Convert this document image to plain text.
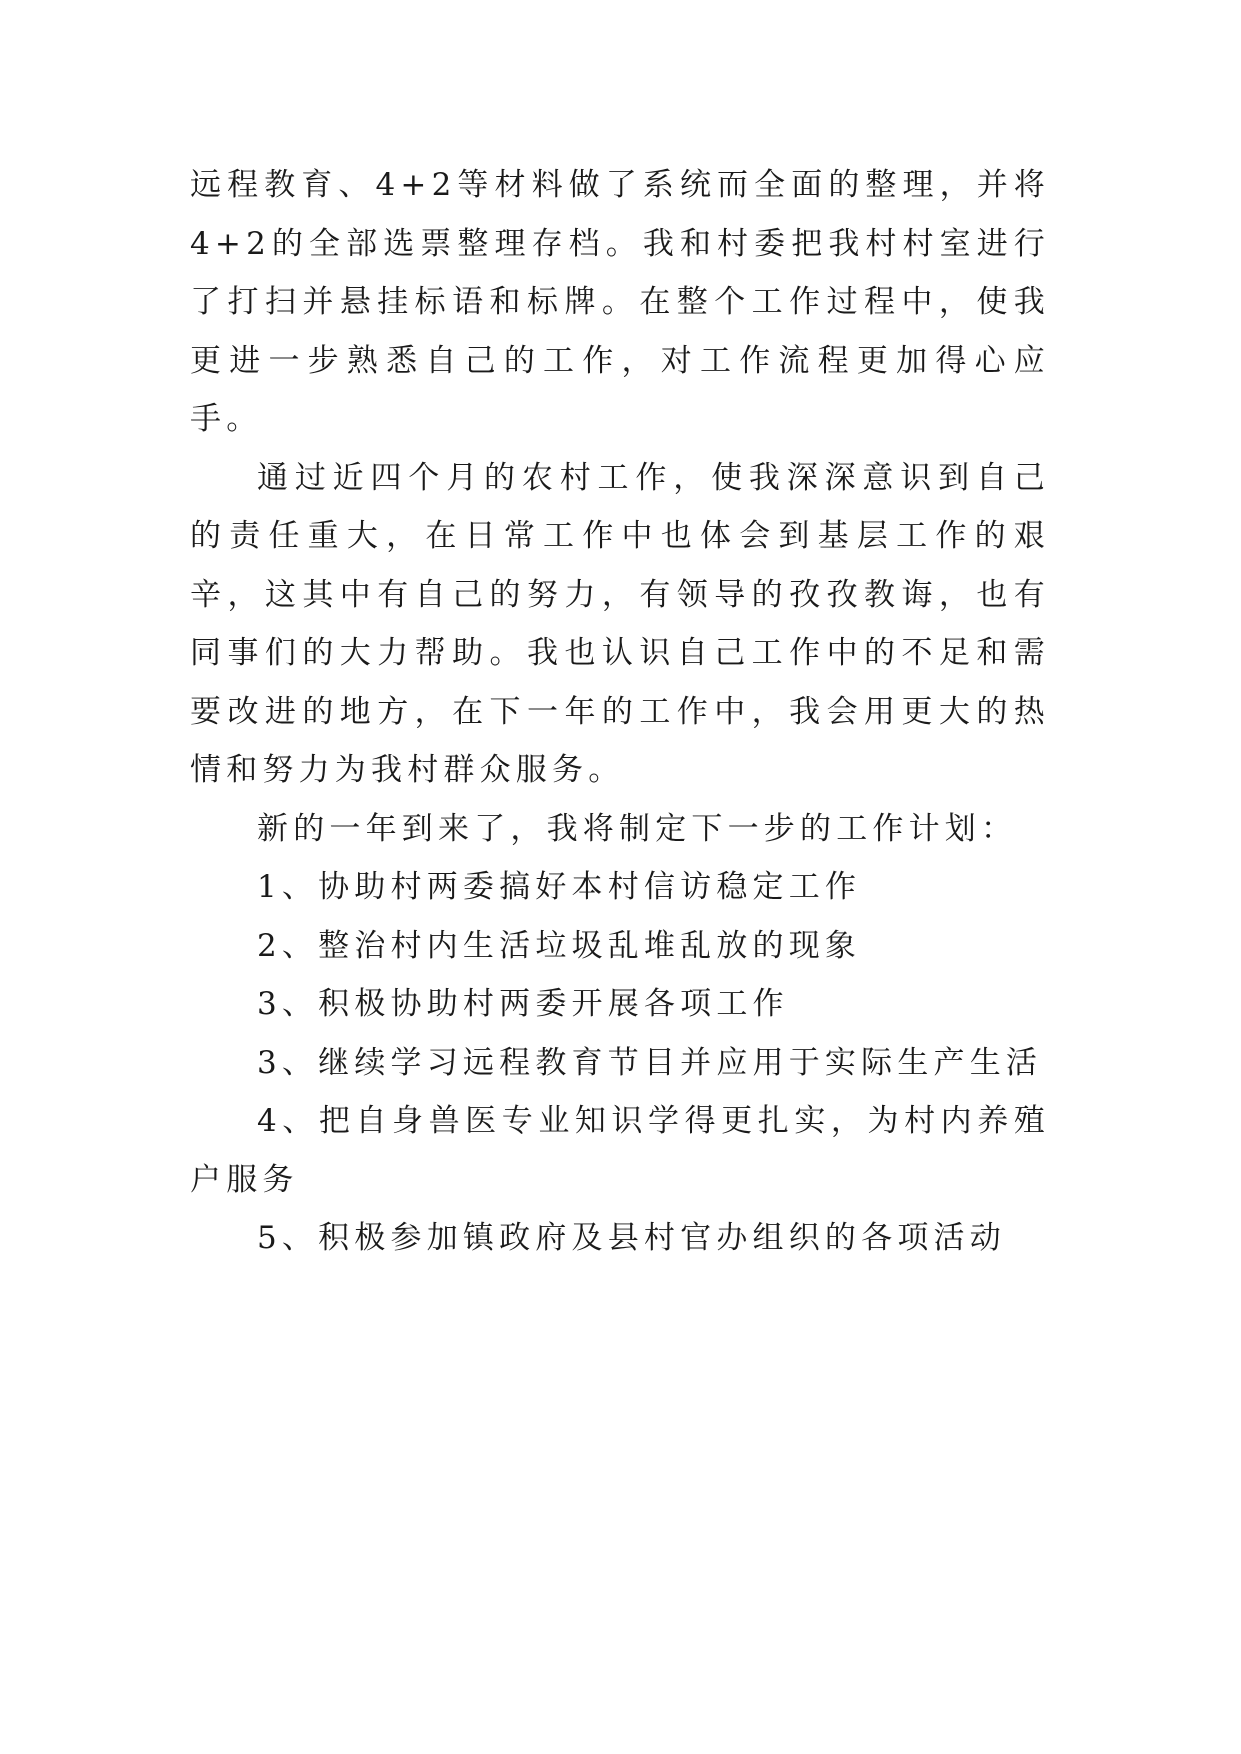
远程教育、4+2等材料做了系统而全面的整理，并将4+2的全部选票整理存档。我和村委把我村村室进行了打扫并悬挂标语和标牌。在整个工作过程中，使我更进一步熟悉自己的工作，对工作流程更加得心应手。

通过近四个月的农村工作，使我深深意识到自己的责任重大，在日常工作中也体会到基层工作的艰辛，这其中有自己的努力，有领导的孜孜教诲，也有同事们的大力帮助。我也认识自己工作中的不足和需要改进的地方，在下一年的工作中，我会用更大的热情和努力为我村群众服务。

新的一年到来了，我将制定下一步的工作计划：

1、协助村两委搞好本村信访稳定工作

2、整治村内生活垃圾乱堆乱放的现象

3、积极协助村两委开展各项工作

3、继续学习远程教育节目并应用于实际生产生活

4、把自身兽医专业知识学得更扎实，为村内养殖户服务

5、积极参加镇政府及县村官办组织的各项活动
